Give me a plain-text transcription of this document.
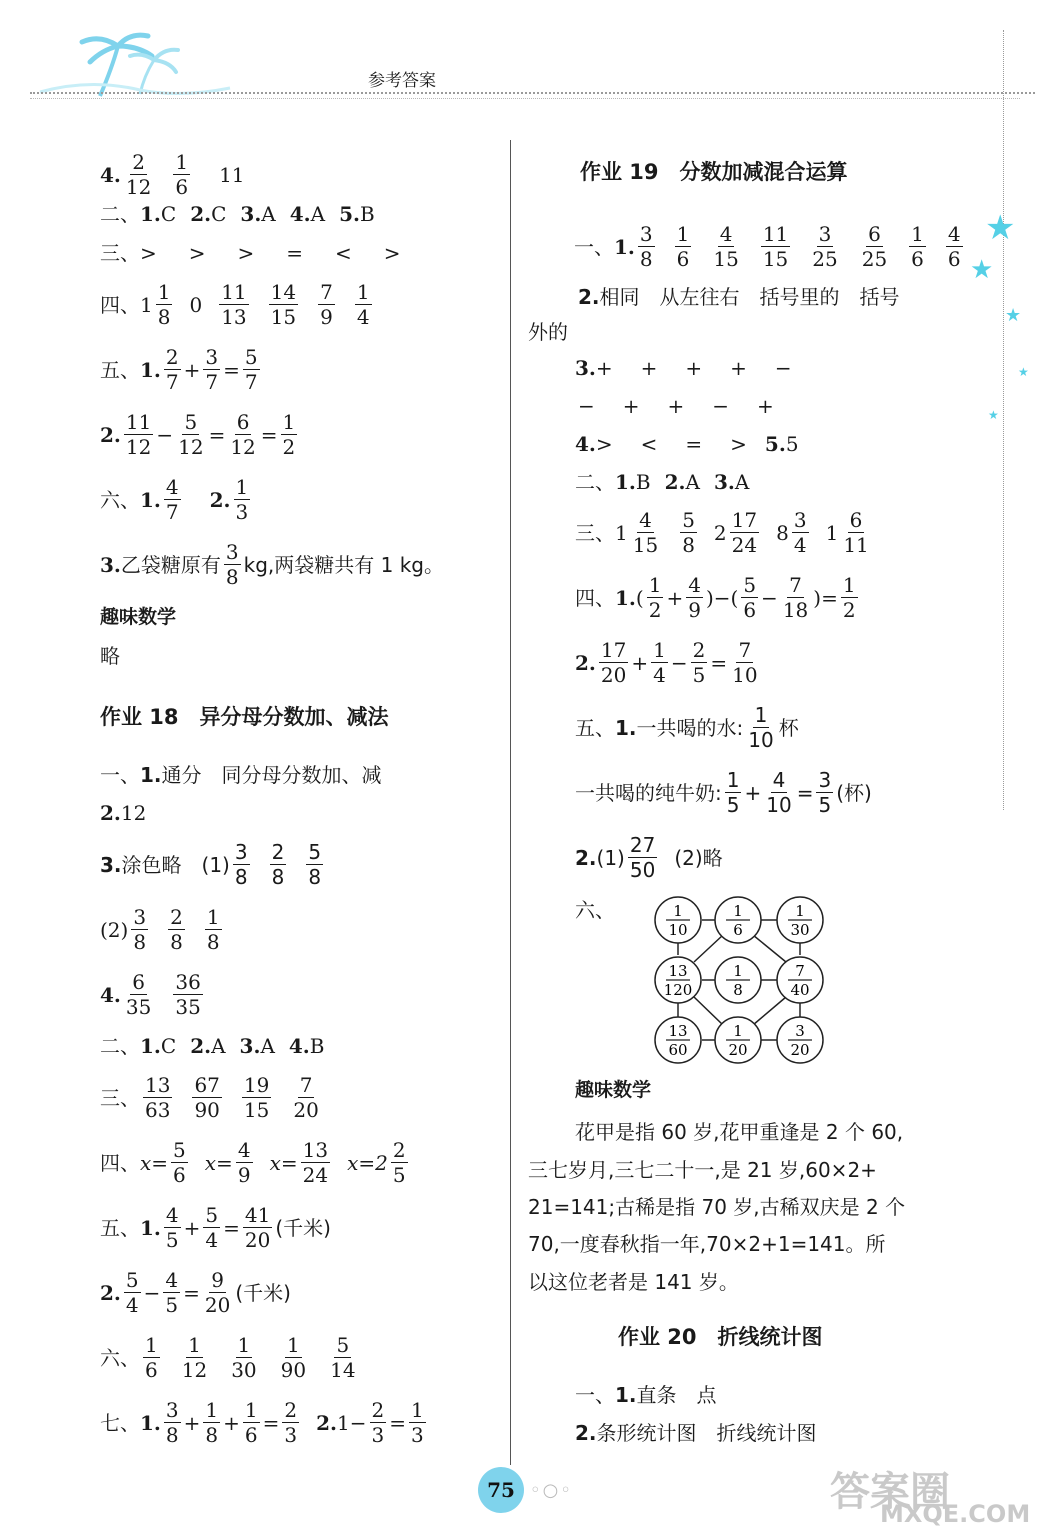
参考答案
★
★
★
★
★
4. $\frac{2}{12} \frac{1}{6} 11$
二、 1. C 2. C 3. A 4. A 5. B
三、 >　>　>　=　<　>
四、 $1 \frac{1}{8} 0 \frac{11}{13} \frac{14}{15} \frac{7}{9} \frac{1}{4}$
五、 1. $\frac{2}{7} + \frac{3}{7} = \frac{5}{7}$
2. $\frac{11}{12} - \frac{5}{12} = \frac{6}{12} = \frac{1}{2}$
六、 1. $\frac{4}{7} 2$. $\frac{1}{3}$
3. 乙袋糖原有 $\frac{3}{8}$ kg,两袋糖共有 1 kg。
趣味数学
略
作业 18　异分母分数加、减法
一、 1. 通分　同分母分数加、减
2. 12
3. 涂色略　$(1) \frac{3}{8} \frac{2}{8} \frac{5}{8}$
$(2) \frac{3}{8} \frac{2}{8} \frac{1}{8}$
4. $\frac{6}{35} \frac{36}{35}$
二、 1. C 2. A 3. A 4. B
三、 $\frac{13}{63} \frac{67}{90} \frac{19}{15} \frac{7}{20}$
四、 $x= \frac{5}{6} x= \frac{4}{9} x= \frac{13}{24} x=2 \frac{2}{5}$
五、 1. $\frac{4}{5} + \frac{5}{4} = \frac{41}{20}$ (千米)
2. $\frac{5}{4} - \frac{4}{5} = \frac{9}{20}$ (千米)
六、 $\frac{1}{6} \frac{1}{12} \frac{1}{30} \frac{1}{90} \frac{5}{14}$
七、 1. $\frac{3}{8} + \frac{1}{8} + \frac{1}{6} = \frac{2}{3} 2$. $1- \frac{2}{3} = \frac{1}{3}$
作业 19　分数加减混合运算
一、 1. $\frac{3}{8} \frac{1}{6} \frac{4}{15} \frac{11}{15} \frac{3}{25} \frac{6}{25} \frac{1}{6} \frac{4}{6}$
2. 相同　从左往右　括号里的　括号
外的
3. +　+　+　+　−
−　+　+　−　+
4. >　<　=　> 5. 5
二、 1. B 2. A 3. A
三、 $1 \frac{4}{15} \frac{5}{8} 2 \frac{17}{24} 8 \frac{3}{4} 1 \frac{6}{11}$
四、 1. ( $\frac{1}{2} + \frac{4}{9}$ )−( $\frac{5}{6} - \frac{7}{18}$ )= $\frac{1}{2}$
2. $\frac{17}{20} + \frac{1}{4} - \frac{2}{5} = \frac{7}{10}$
五、 1. 一共喝的水: $\frac{1}{10}$ 杯
一共喝的纯牛奶: $\frac{1}{5} + \frac{4}{10} = \frac{3}{5}$ (杯)
2. $(1) \frac{27}{50} (2)$略
六、	1
10
1
6
1
30
13
120
1
8
7
40
13
60
1
20
3
20
趣味数学
花甲是指 60 岁,花甲重逢是 2 个 60,
三七岁月,三七二十一,是 21 岁,60×2+
21=141;古稀是指 70 岁,古稀双庆是 2 个
70,一度春秋指一年,70×2+1=141。所
以这位老者是 141 岁。
作业 20　折线统计图
一、 1. 直条　点
2. 条形统计图　折线统计图
75 ◦○◦	答案圈
MXQE.COM
